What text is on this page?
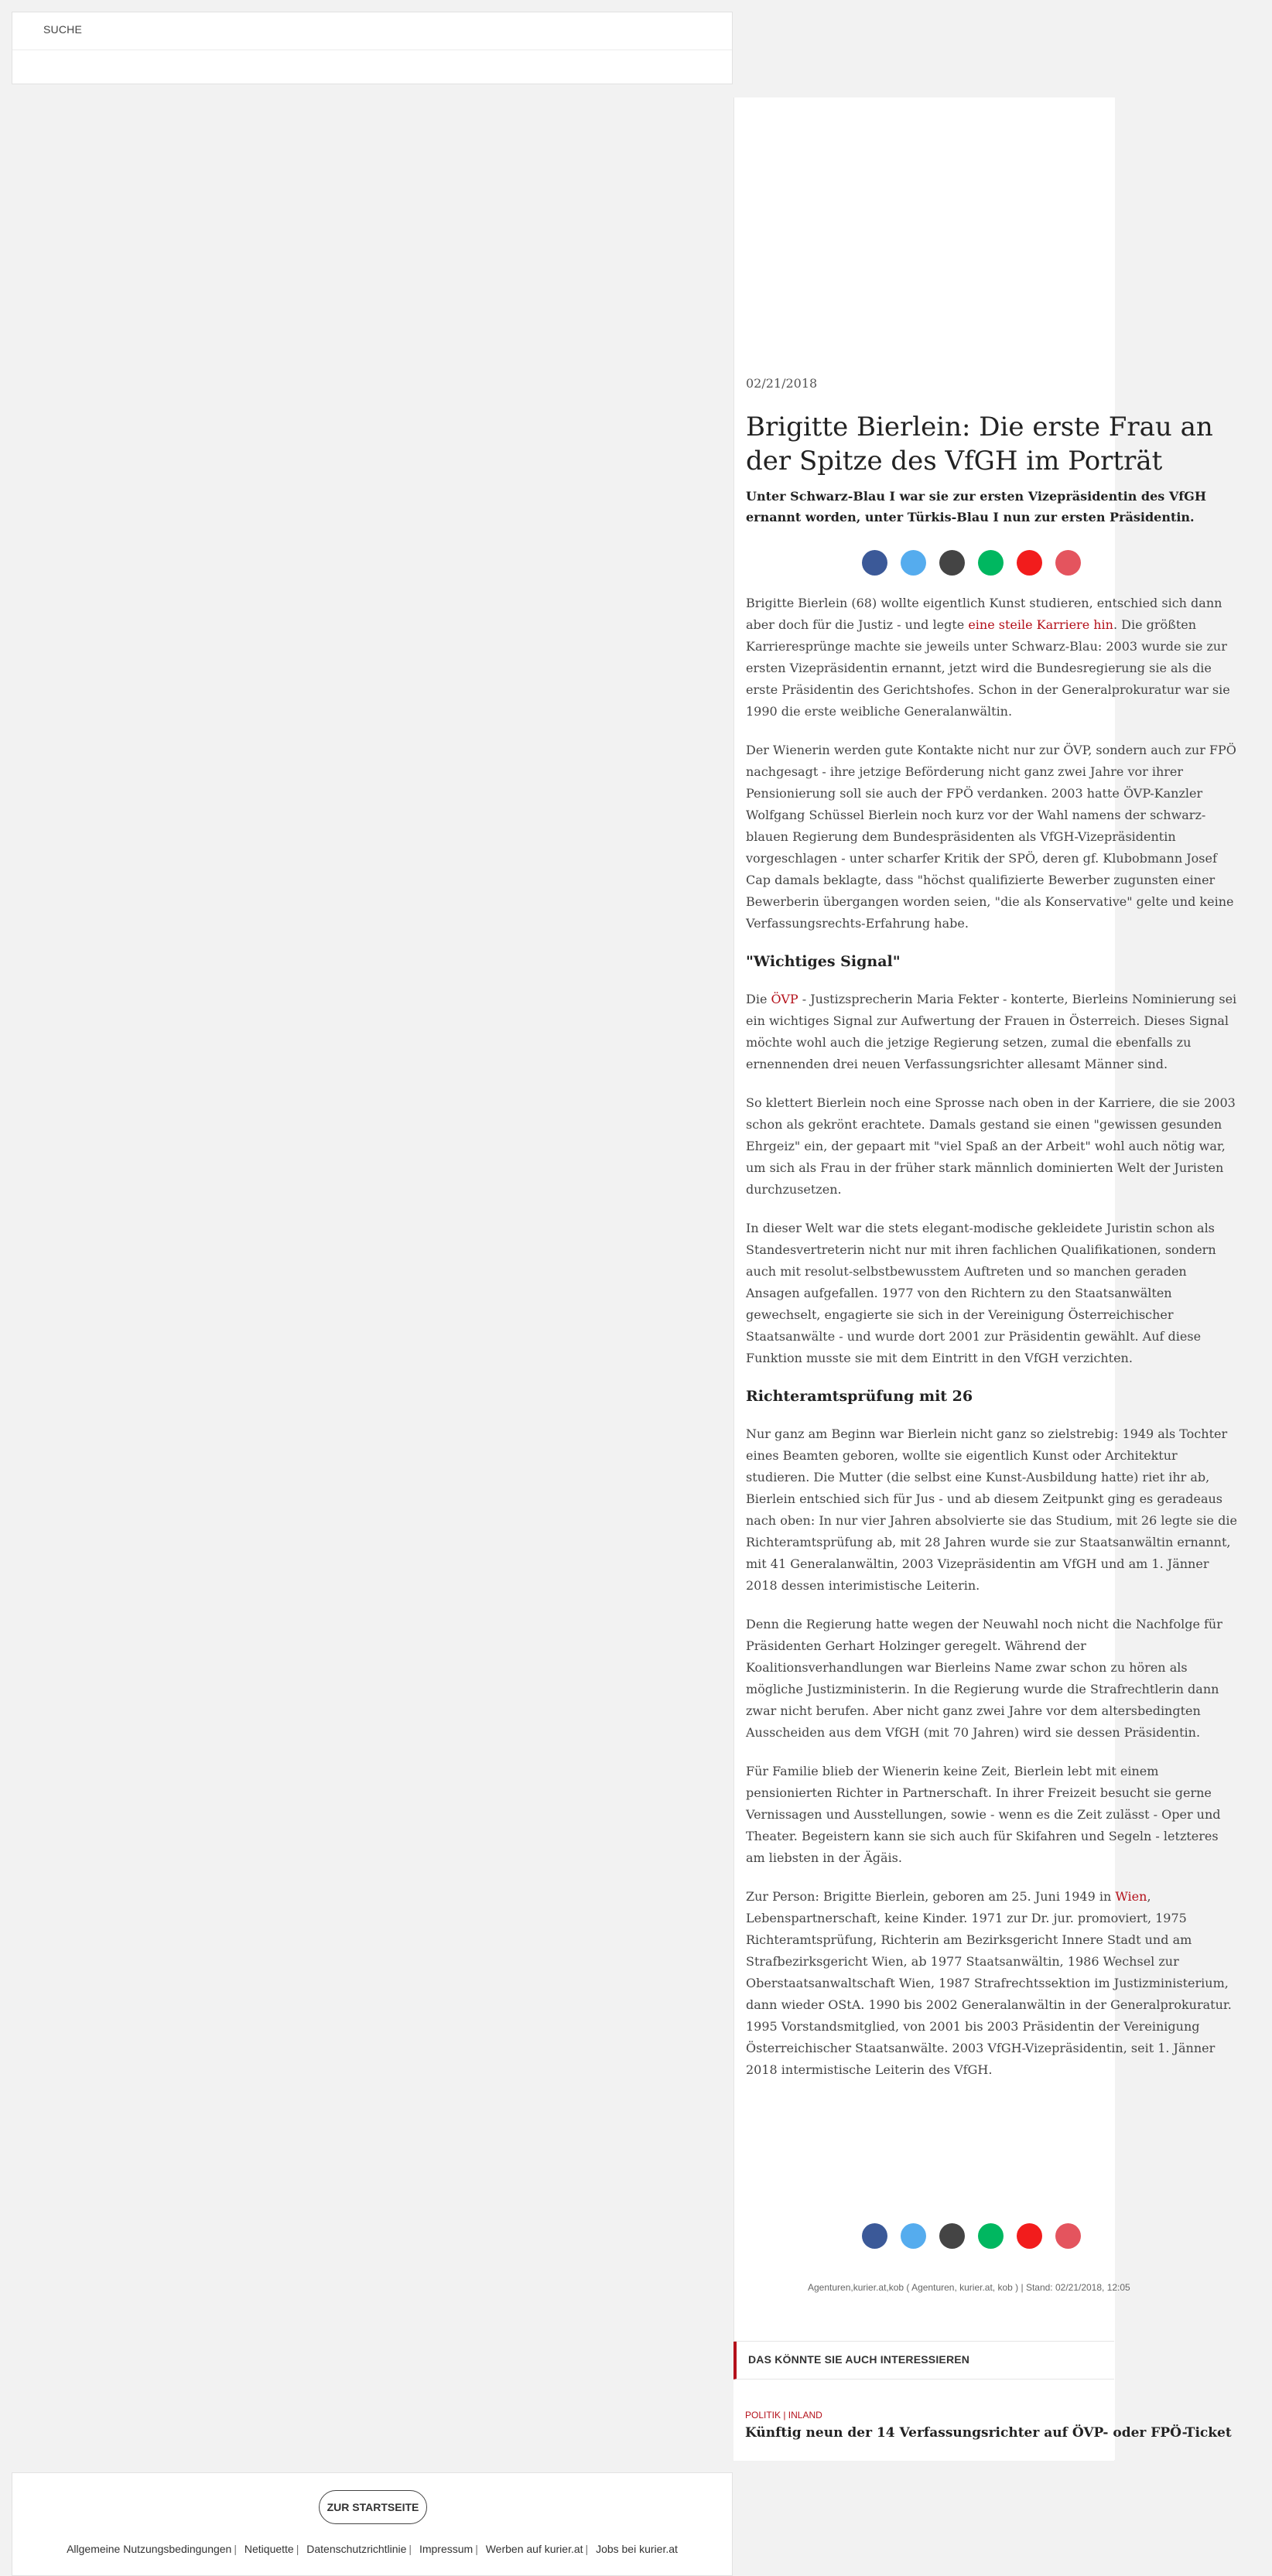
SUCHE
02/21/2018
Brigitte Bierlein: Die erste Frau an der Spitze des VfGH im Porträt

Unter Schwarz-Blau I war sie zur ersten Vizepräsidentin des VfGH ernannt worden, unter Türkis-Blau I nun zur ersten Präsidentin.

Brigitte Bierlein (68) wollte eigentlich Kunst studieren, entschied sich dann aber doch für die Justiz - und legte eine steile Karriere hin. Die größten Karrieresprünge machte sie jeweils unter Schwarz-Blau: 2003 wurde sie zur ersten Vizepräsidentin ernannt, jetzt wird die Bundesregierung sie als die erste Präsidentin des Gerichtshofes. Schon in der Generalprokuratur war sie 1990 die erste weibliche Generalanwältin.

Der Wienerin werden gute Kontakte nicht nur zur ÖVP, sondern auch zur FPÖ nachgesagt - ihre jetzige Beförderung nicht ganz zwei Jahre vor ihrer Pensionierung soll sie auch der FPÖ verdanken. 2003 hatte ÖVP-Kanzler Wolfgang Schüssel Bierlein noch kurz vor der Wahl namens der schwarz-blauen Regierung dem Bundespräsidenten als VfGH-Vizepräsidentin vorgeschlagen - unter scharfer Kritik der SPÖ, deren gf. Klubobmann Josef Cap damals beklagte, dass "höchst qualifizierte Bewerber zugunsten einer Bewerberin übergangen worden seien, "die als Konservative" gelte und keine Verfassungsrechts-Erfahrung habe.

"Wichtiges Signal"

Die ÖVP - Justizsprecherin Maria Fekter - konterte, Bierleins Nominierung sei ein wichtiges Signal zur Aufwertung der Frauen in Österreich. Dieses Signal möchte wohl auch die jetzige Regierung setzen, zumal die ebenfalls zu ernennenden drei neuen Verfassungsrichter allesamt Männer sind.

So klettert Bierlein noch eine Sprosse nach oben in der Karriere, die sie 2003 schon als gekrönt erachtete. Damals gestand sie einen "gewissen gesunden Ehrgeiz" ein, der gepaart mit "viel Spaß an der Arbeit" wohl auch nötig war, um sich als Frau in der früher stark männlich dominierten Welt der Juristen durchzusetzen.

In dieser Welt war die stets elegant-modische gekleidete Juristin schon als Standesvertreterin nicht nur mit ihren fachlichen Qualifikationen, sondern auch mit resolut-selbstbewusstem Auftreten und so manchen geraden Ansagen aufgefallen. 1977 von den Richtern zu den Staatsanwälten gewechselt, engagierte sie sich in der Vereinigung Österreichischer Staatsanwälte - und wurde dort 2001 zur Präsidentin gewählt. Auf diese Funktion musste sie mit dem Eintritt in den VfGH verzichten.

Richteramtsprüfung mit 26

Nur ganz am Beginn war Bierlein nicht ganz so zielstrebig: 1949 als Tochter eines Beamten geboren, wollte sie eigentlich Kunst oder Architektur studieren. Die Mutter (die selbst eine Kunst-Ausbildung hatte) riet ihr ab, Bierlein entschied sich für Jus - und ab diesem Zeitpunkt ging es geradeaus nach oben: In nur vier Jahren absolvierte sie das Studium, mit 26 legte sie die Richteramtsprüfung ab, mit 28 Jahren wurde sie zur Staatsanwältin ernannt, mit 41 Generalanwältin, 2003 Vizepräsidentin am VfGH und am 1. Jänner 2018 dessen interimistische Leiterin.

Denn die Regierung hatte wegen der Neuwahl noch nicht die Nachfolge für Präsidenten Gerhart Holzinger geregelt. Während der Koalitionsverhandlungen war Bierleins Name zwar schon zu hören als mögliche Justizministerin. In die Regierung wurde die Strafrechtlerin dann zwar nicht berufen. Aber nicht ganz zwei Jahre vor dem altersbedingten Ausscheiden aus dem VfGH (mit 70 Jahren) wird sie dessen Präsidentin.

Für Familie blieb der Wienerin keine Zeit, Bierlein lebt mit einem pensionierten Richter in Partnerschaft. In ihrer Freizeit besucht sie gerne Vernissagen und Ausstellungen, sowie - wenn es die Zeit zulässt - Oper und Theater. Begeistern kann sie sich auch für Skifahren und Segeln - letzteres am liebsten in der Ägäis.

Zur Person: Brigitte Bierlein, geboren am 25. Juni 1949 in Wien, Lebenspartnerschaft, keine Kinder. 1971 zur Dr. jur. promoviert, 1975 Richteramtsprüfung, Richterin am Bezirksgericht Innere Stadt und am Strafbezirksgericht Wien, ab 1977 Staatsanwältin, 1986 Wechsel zur Oberstaatsanwaltschaft Wien, 1987 Strafrechtssektion im Justizministerium, dann wieder OStA. 1990 bis 2002 Generalanwältin in der Generalprokuratur. 1995 Vorstandsmitglied, von 2001 bis 2003 Präsidentin der Vereinigung Österreichischer Staatsanwälte. 2003 VfGH-Vizepräsidentin, seit 1. Jänner 2018 intermistische Leiterin des VfGH.

Agenturen,kurier.at,kob ( Agenturen, kurier.at, kob ) | Stand: 02/21/2018, 12:05
DAS KÖNNTE SIE AUCH INTERESSIEREN
POLITIK | INLAND
Künftig neun der 14 Verfassungsrichter auf ÖVP- oder FPÖ-Ticket
ZUR STARTSEITE
Allgemeine Nutzungsbedingungen | Netiquette | Datenschutzrichtlinie | Impressum | Werben auf kurier.at | Jobs bei kurier.at
